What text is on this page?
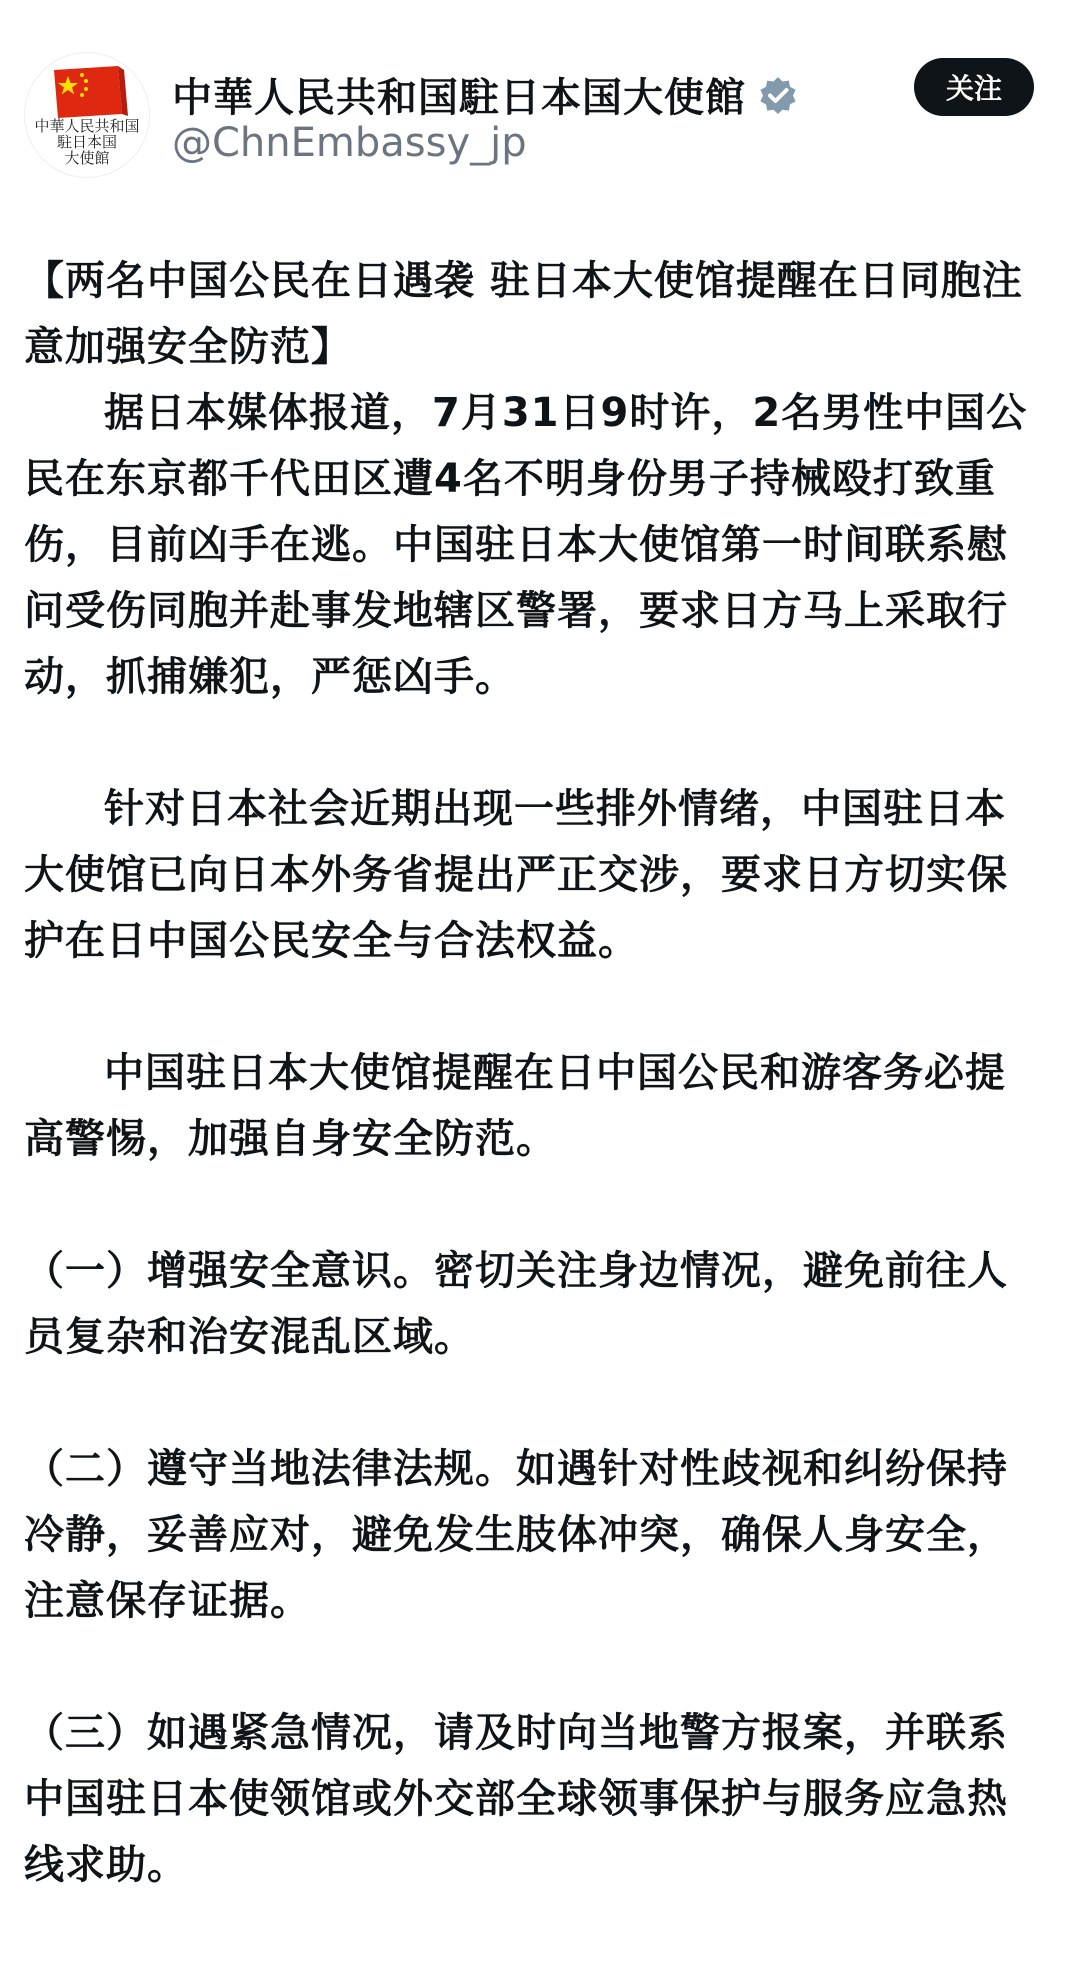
中華人民共和国
駐日本国
大使館
中華人民共和国駐日本国大使館
@ChnEmbassy_jp
关注

【两名中国公民在日遇袭 驻日本大使馆提醒在日同胞注意加强安全防范】

据日本媒体报道，7月31日9时许，2名男性中国公民在东京都千代田区遭4名不明身份男子持械殴打致重伤，目前凶手在逃。中国驻日本大使馆第一时间联系慰问受伤同胞并赴事发地辖区警署，要求日方马上采取行动，抓捕嫌犯，严惩凶手。

针对日本社会近期出现一些排外情绪，中国驻日本大使馆已向日本外务省提出严正交涉，要求日方切实保护在日中国公民安全与合法权益。

中国驻日本大使馆提醒在日中国公民和游客务必提高警惕，加强自身安全防范。

（一）增强安全意识。密切关注身边情况，避免前往人员复杂和治安混乱区域。

（二）遵守当地法律法规。如遇针对性歧视和纠纷保持冷静，妥善应对，避免发生肢体冲突，确保人身安全，注意保存证据。

（三）如遇紧急情况，请及时向当地警方报案，并联系中国驻日本使领馆或外交部全球领事保护与服务应急热线求助。
